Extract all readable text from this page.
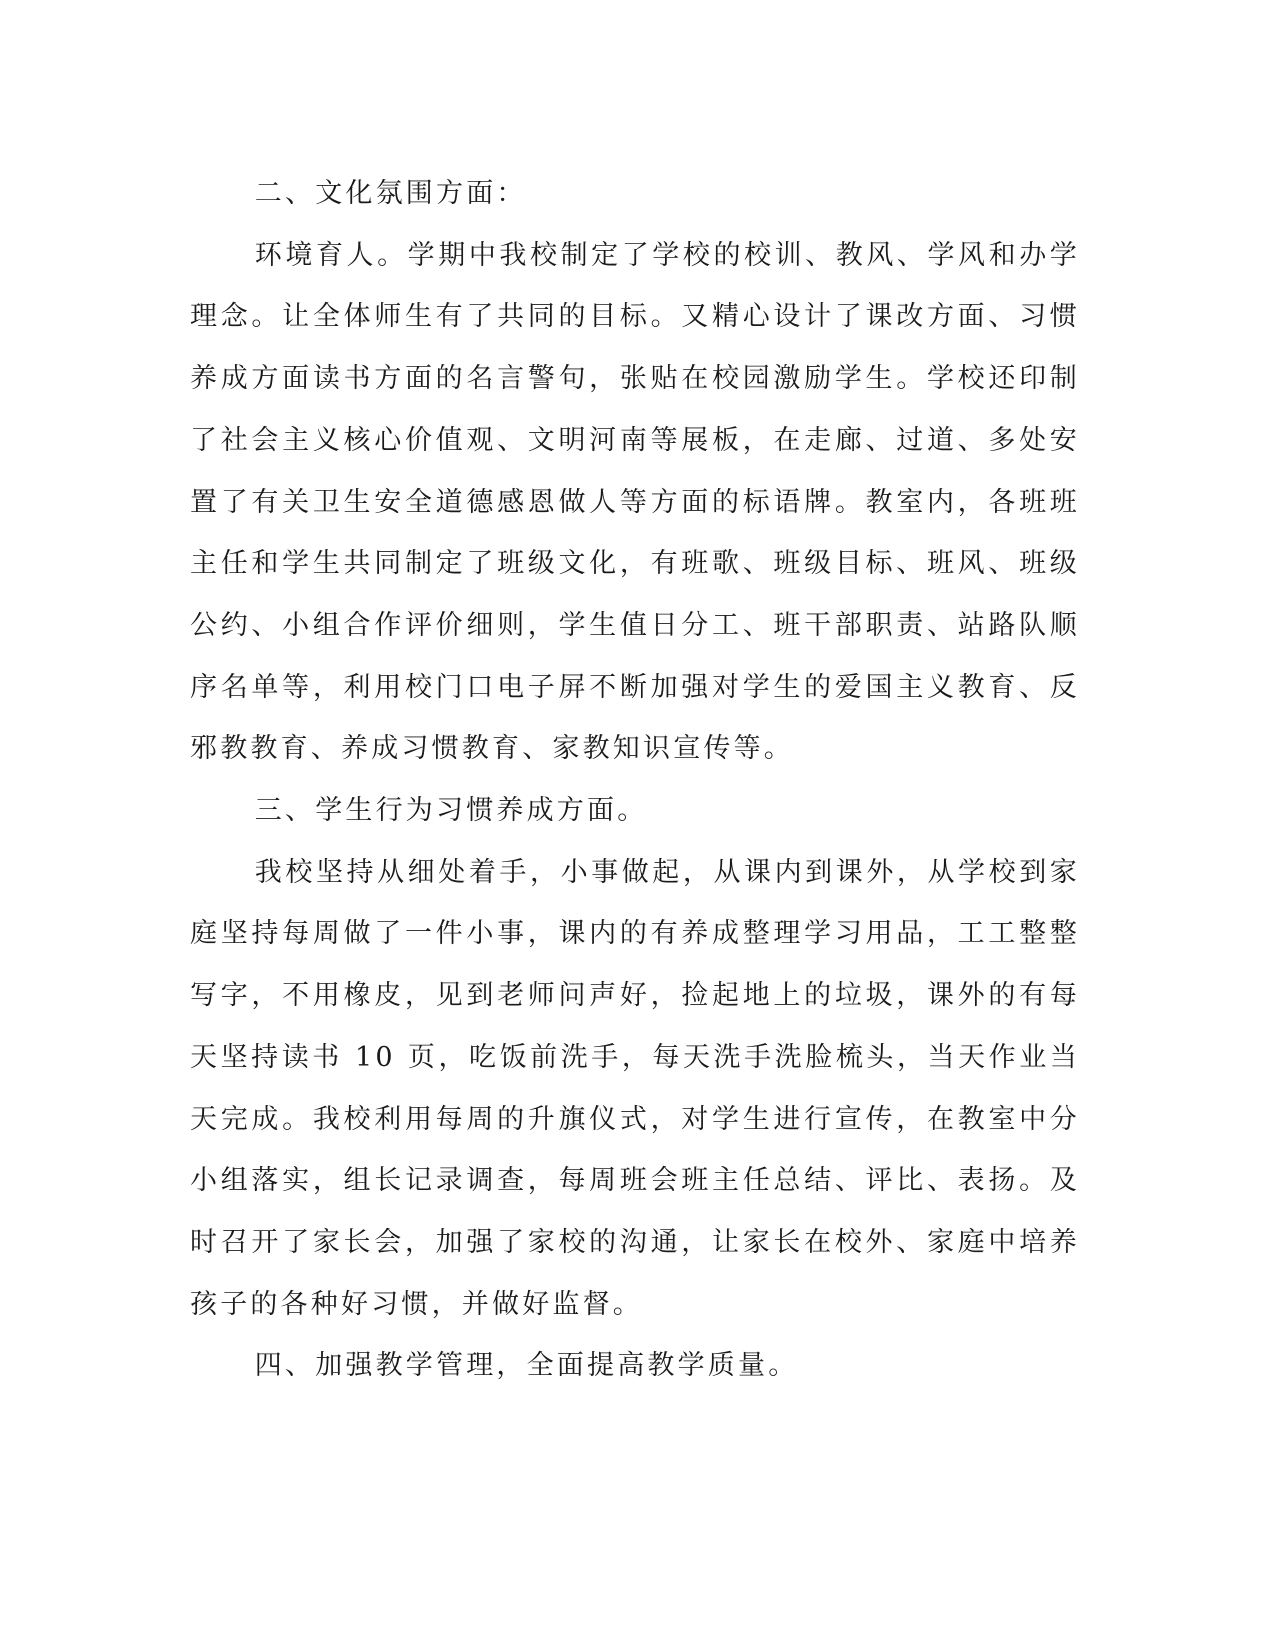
二、文化氛围方面：

环境育人。学期中我校制定了学校的校训、教风、学风和办学理念。让全体师生有了共同的目标。又精心设计了课改方面、习惯养成方面读书方面的名言警句，张贴在校园激励学生。学校还印制了社会主义核心价值观、文明河南等展板，在走廊、过道、多处安置了有关卫生安全道德感恩做人等方面的标语牌。教室内，各班班主任和学生共同制定了班级文化，有班歌、班级目标、班风、班级公约、小组合作评价细则，学生值日分工、班干部职责、站路队顺序名单等，利用校门口电子屏不断加强对学生的爱国主义教育、反邪教教育、养成习惯教育、家教知识宣传等。

三、学生行为习惯养成方面。

我校坚持从细处着手，小事做起，从课内到课外，从学校到家庭坚持每周做了一件小事，课内的有养成整理学习用品，工工整整写字，不用橡皮，见到老师问声好，捡起地上的垃圾，课外的有每天坚持读书 10 页，吃饭前洗手，每天洗手洗脸梳头，当天作业当天完成。我校利用每周的升旗仪式，对学生进行宣传，在教室中分小组落实，组长记录调查，每周班会班主任总结、评比、表扬。及时召开了家长会，加强了家校的沟通，让家长在校外、家庭中培养孩子的各种好习惯，并做好监督。

四、加强教学管理，全面提高教学质量。
